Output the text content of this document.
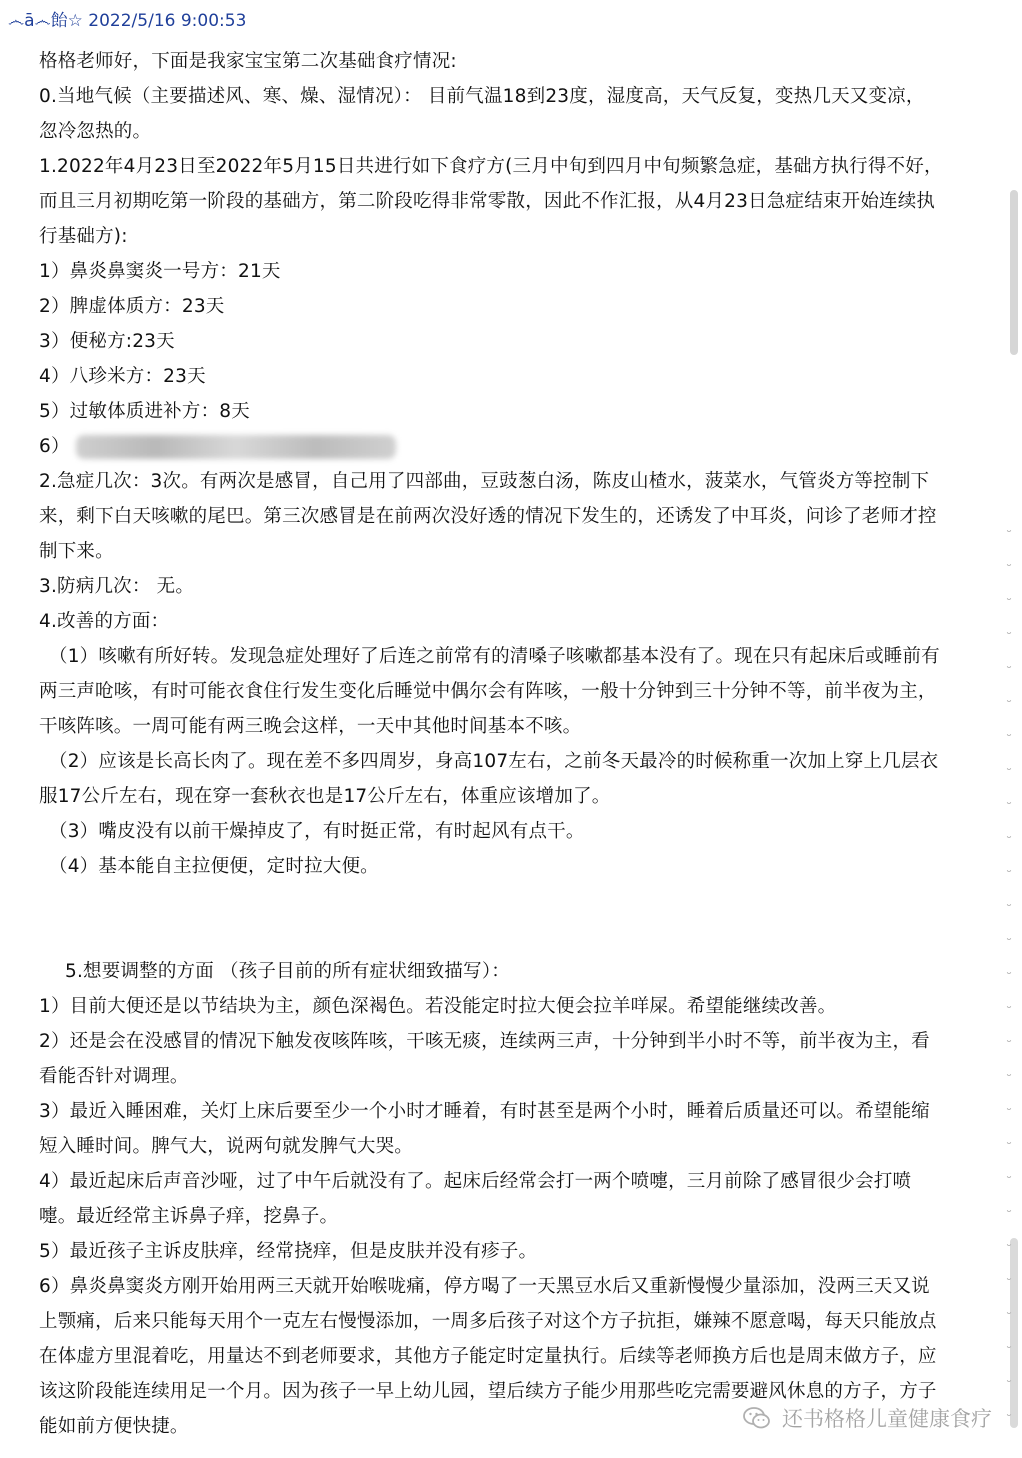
෴ā෴飴☆ 2022/5/16 9:00:53
格格老师好，下面是我家宝宝第二次基础食疗情况:
0.当地气候（主要描述风、寒、燥、湿情况）： 目前气温18到23度，湿度高，天气反复，变热几天又变凉，
忽冷忽热的。
1.2022年4月23日至2022年5月15日共进行如下食疗方(三月中旬到四月中旬频繁急症，基础方执行得不好，
而且三月初期吃第一阶段的基础方，第二阶段吃得非常零散，因此不作汇报，从4月23日急症结束开始连续执
行基础方):
1）鼻炎鼻窦炎一号方：21天
2）脾虚体质方：23天
3）便秘方:23天
4）八珍米方：23天
5）过敏体质进补方：8天
6）
2.急症几次：3次。有两次是感冒，自己用了四部曲，豆豉葱白汤，陈皮山楂水，菠菜水，气管炎方等控制下
来，剩下白天咳嗽的尾巴。第三次感冒是在前两次没好透的情况下发生的，还诱发了中耳炎，问诊了老师才控
制下来。
3.防病几次： 无。
4.改善的方面：
（1）咳嗽有所好转。发现急症处理好了后连之前常有的清嗓子咳嗽都基本没有了。现在只有起床后或睡前有
两三声呛咳，有时可能衣食住行发生变化后睡觉中偶尔会有阵咳，一般十分钟到三十分钟不等，前半夜为主，
干咳阵咳。一周可能有两三晚会这样，一天中其他时间基本不咳。
（2）应该是长高长肉了。现在差不多四周岁，身高107左右，之前冬天最冷的时候称重一次加上穿上几层衣
服17公斤左右，现在穿一套秋衣也是17公斤左右，体重应该增加了。
（3）嘴皮没有以前干燥掉皮了，有时挺正常，有时起风有点干。
（4）基本能自主拉便便，定时拉大便。
5.想要调整的方面 （孩子目前的所有症状细致描写）：
1）目前大便还是以节结块为主，颜色深褐色。若没能定时拉大便会拉羊咩屎。希望能继续改善。
2）还是会在没感冒的情况下触发夜咳阵咳，干咳无痰，连续两三声，十分钟到半小时不等，前半夜为主，看
看能否针对调理。
3）最近入睡困难，关灯上床后要至少一个小时才睡着，有时甚至是两个小时，睡着后质量还可以。希望能缩
短入睡时间。脾气大，说两句就发脾气大哭。
4）最近起床后声音沙哑，过了中午后就没有了。起床后经常会打一两个喷嚏，三月前除了感冒很少会打喷
嚏。最近经常主诉鼻子痒，挖鼻子。
5）最近孩子主诉皮肤痒，经常挠痒，但是皮肤并没有疹子。
6）鼻炎鼻窦炎方刚开始用两三天就开始喉咙痛，停方喝了一天黑豆水后又重新慢慢少量添加，没两三天又说
上颚痛，后来只能每天用个一克左右慢慢添加，一周多后孩子对这个方子抗拒，嫌辣不愿意喝，每天只能放点
在体虚方里混着吃，用量达不到老师要求，其他方子能定时定量执行。后续等老师换方后也是周末做方子，应
该这阶段能连续用足一个月。因为孩子一早上幼儿园，望后续方子能少用那些吃完需要避风休息的方子，方子
能如前方便快捷。
˘
˘
˘
˘
˘
˘
˘
˘
˘
˘
˘
˘
˘
˘
˘
˘
˘
˘
˘
˘
˘
˘
˘
˘
˘
˘
˘
还书格格儿童健康食疗
